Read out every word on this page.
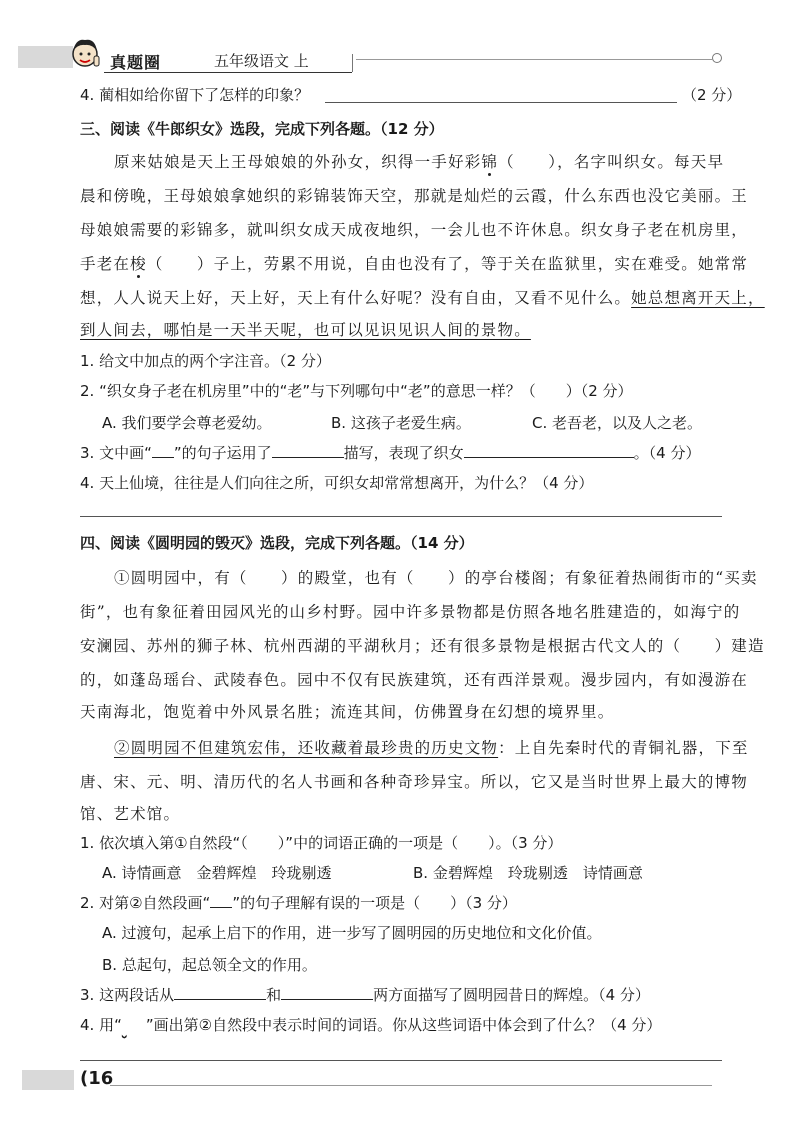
真题圈	五年级语文 上
4. 蔺相如给你留下了怎样的印象？	（2 分）
三、阅读《牛郎织女》选段，完成下列各题。（12 分）
原来姑娘是天上王母娘娘的外孙女，织得一手好彩锦（　　），名字叫织女。每天早
晨和傍晚，王母娘娘拿她织的彩锦装饰天空，那就是灿烂的云霞，什么东西也没它美丽。王
母娘娘需要的彩锦多，就叫织女成天成夜地织，一会儿也不许休息。织女身子老在机房里，
手老在梭（　　）子上，劳累不用说，自由也没有了，等于关在监狱里，实在难受。她常常
想，人人说天上好，天上好，天上有什么好呢？没有自由，又看不见什么。她总想离开天上，
到人间去，哪怕是一天半天呢，也可以见识见识人间的景物。
1. 给文中加点的两个字注音。（2 分）
2. “织女身子老在机房里”中的“老”与下列哪句中“老”的意思一样？（　　）（2 分）
A. 我们要学会尊老爱幼。	B. 这孩子老爱生病。	C. 老吾老，以及人之老。
3. 文中画“ ”的句子运用了	描写，表现了织女	。（4 分）
4. 天上仙境，往往是人们向往之所，可织女却常常想离开，为什么？（4 分）
四、阅读《圆明园的毁灭》选段，完成下列各题。（14 分）
①圆明园中，有（　　）的殿堂，也有（　　）的亭台楼阁；有象征着热闹街市的“买卖
街”，也有象征着田园风光的山乡村野。园中许多景物都是仿照各地名胜建造的，如海宁的
安澜园、苏州的狮子林、杭州西湖的平湖秋月；还有很多景物是根据古代文人的（　　）建造
的，如蓬岛瑶台、武陵春色。园中不仅有民族建筑，还有西洋景观。漫步园内，有如漫游在
天南海北，饱览着中外风景名胜；流连其间，仿佛置身在幻想的境界里。
②圆明园不但建筑宏伟，还收藏着最珍贵的历史文物：上自先秦时代的青铜礼器，下至
唐、宋、元、明、清历代的名人书画和各种奇珍异宝。所以，它又是当时世界上最大的博物
馆、艺术馆。
1. 依次填入第①自然段“（　　）”中的词语正确的一项是（　　）。（3 分）
A. 诗情画意　金碧辉煌　玲珑剔透	B. 金碧辉煌　玲珑剔透　诗情画意
2. 对第②自然段画“ ”的句子理解有误的一项是（　　）（3 分）
A. 过渡句，起承上启下的作用，进一步写了圆明园的历史地位和文化价值。
B. 总起句，起总领全文的作用。
3. 这两段话从	和	两方面描写了圆明园昔日的辉煌。（4 分）
4. 用“ ”画出第②自然段中表示时间的词语。你从这些词语中体会到了什么？（4 分）
(16
